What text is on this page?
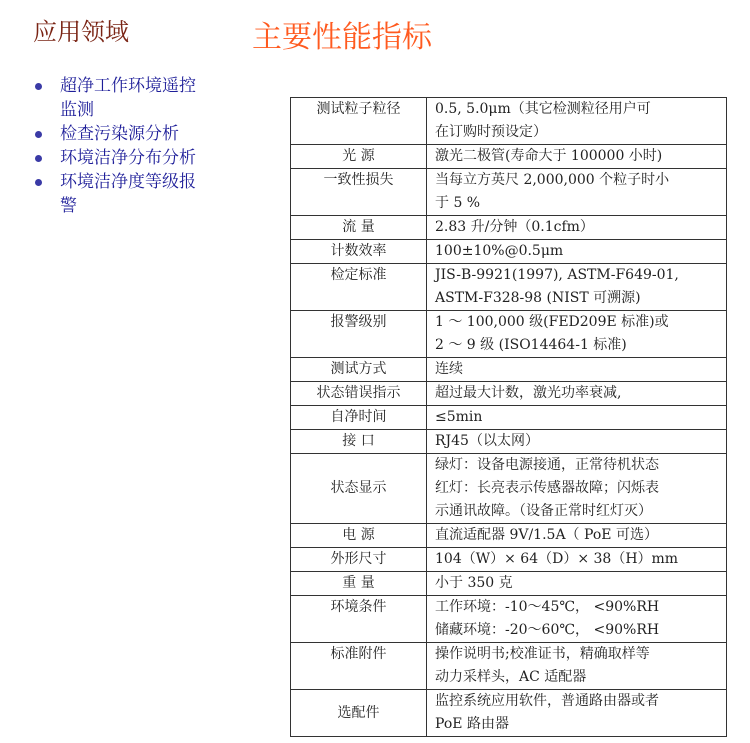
应用领域	主要性能指标
超净工作环境遥控监测
检查污染源分析
环境洁净分布分析
环境洁净度等级报警
测试粒子粒径	0.5, 5.0μm（其它检测粒径用户可
在订购时预设定）
光 源	激光二极管(寿命大于 100000 小时)
一致性损失	当每立方英尺 2,000,000 个粒子时小
于 5 %
流 量	2.83 升/分钟（0.1cfm）
计数效率	100±10%@0.5μm
检定标准	JIS-B-9921(1997), ASTM-F649-01,
ASTM-F328-98 (NIST 可溯源)
报警级别	1 ～ 100,000 级(FED209E 标准)或
2 ～ 9 级 (ISO14464-1 标准)
测试方式	连续
状态错误指示	超过最大计数，激光功率衰减,
自净时间	≤5min
接 口	RJ45（以太网）
状态显示	绿灯：设备电源接通，正常待机状态
红灯：长亮表示传感器故障；闪烁表
示通讯故障。（设备正常时红灯灭）
电 源	直流适配器 9V/1.5A（ PoE 可选）
外形尺寸	104（W）× 64（D）× 38（H）mm
重 量	小于 350 克
环境条件	工作环境：-10～45℃， <90%RH
储藏环境：-20～60℃， <90%RH
标准附件	操作说明书;校准证书，精确取样等
动力采样头，AC 适配器
选配件	监控系统应用软件，普通路由器或者
PoE 路由器
